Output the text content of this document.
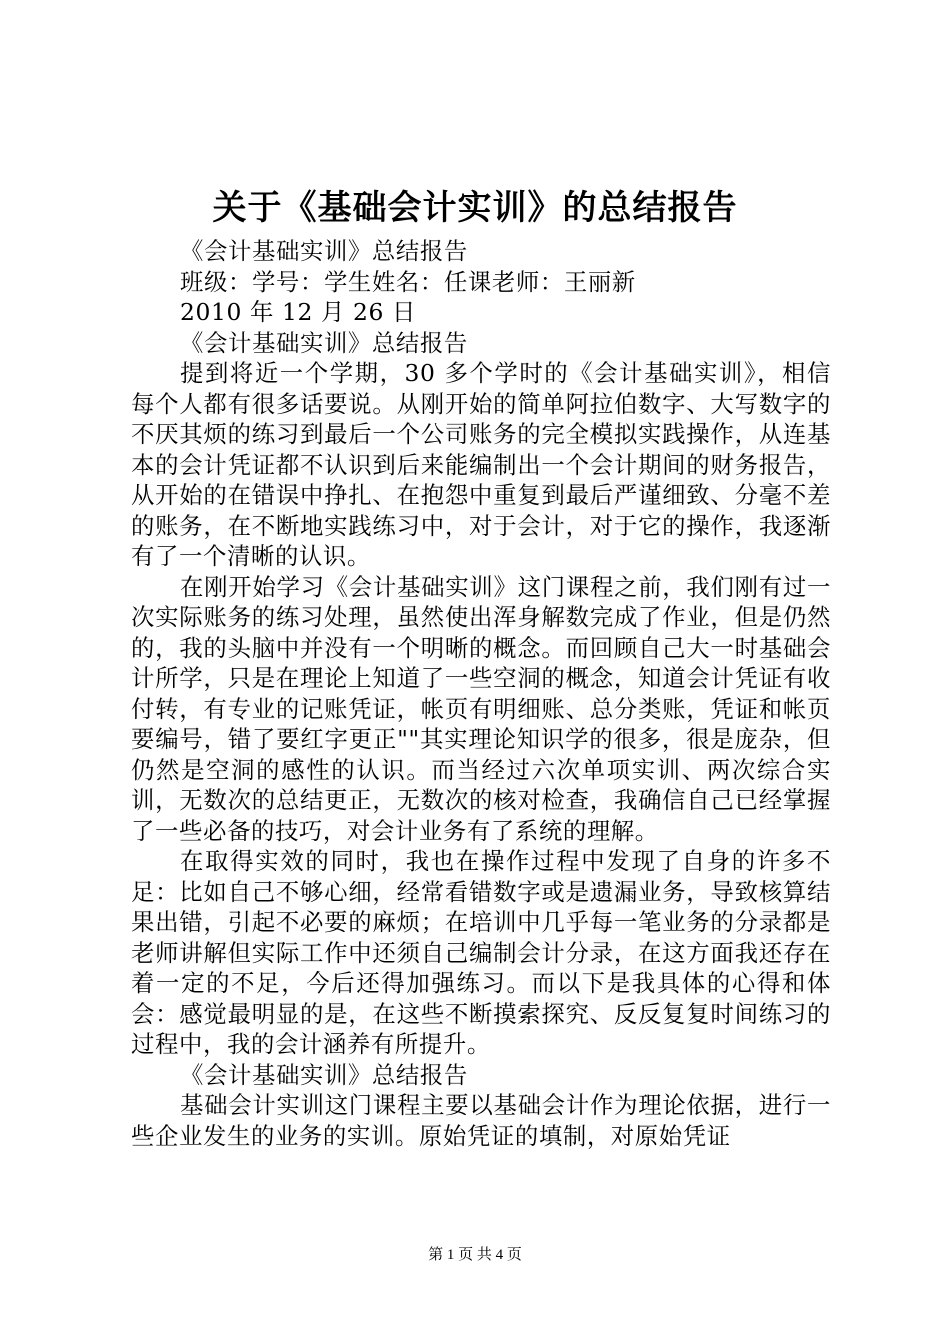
关于《基础会计实训》的总结报告

《会计基础实训》总结报告

班级：学号：学生姓名：任课老师：王丽新

2010 年 12 月 26 日

《会计基础实训》总结报告

提到将近一个学期，30 多个学时的《会计基础实训》，相信每个人都有很多话要说。从刚开始的简单阿拉伯数字、大写数字的不厌其烦的练习到最后一个公司账务的完全模拟实践操作，从连基本的会计凭证都不认识到后来能编制出一个会计期间的财务报告，从开始的在错误中挣扎、在抱怨中重复到最后严谨细致、分毫不差的账务，在不断地实践练习中，对于会计，对于它的操作，我逐渐有了一个清晰的认识。

在刚开始学习《会计基础实训》这门课程之前，我们刚有过一次实际账务的练习处理，虽然使出浑身解数完成了作业，但是仍然的，我的头脑中并没有一个明晰的概念。而回顾自己大一时基础会计所学，只是在理论上知道了一些空洞的概念，知道会计凭证有收付转，有专业的记账凭证，帐页有明细账、总分类账，凭证和帐页要编号，错了要红字更正""其实理论知识学的很多，很是庞杂，但仍然是空洞的感性的认识。而当经过六次单项实训、两次综合实训，无数次的总结更正，无数次的核对检查，我确信自己已经掌握了一些必备的技巧，对会计业务有了系统的理解。

在取得实效的同时，我也在操作过程中发现了自身的许多不足：比如自己不够心细，经常看错数字或是遗漏业务，导致核算结果出错，引起不必要的麻烦；在培训中几乎每一笔业务的分录都是老师讲解但实际工作中还须自己编制会计分录，在这方面我还存在着一定的不足，今后还得加强练习。而以下是我具体的心得和体会：感觉最明显的是，在这些不断摸索探究、反反复复时间练习的过程中，我的会计涵养有所提升。

《会计基础实训》总结报告

基础会计实训这门课程主要以基础会计作为理论依据，进行一些企业发生的业务的实训。原始凭证的填制，对原始凭证

第 1 页 共 4 页
